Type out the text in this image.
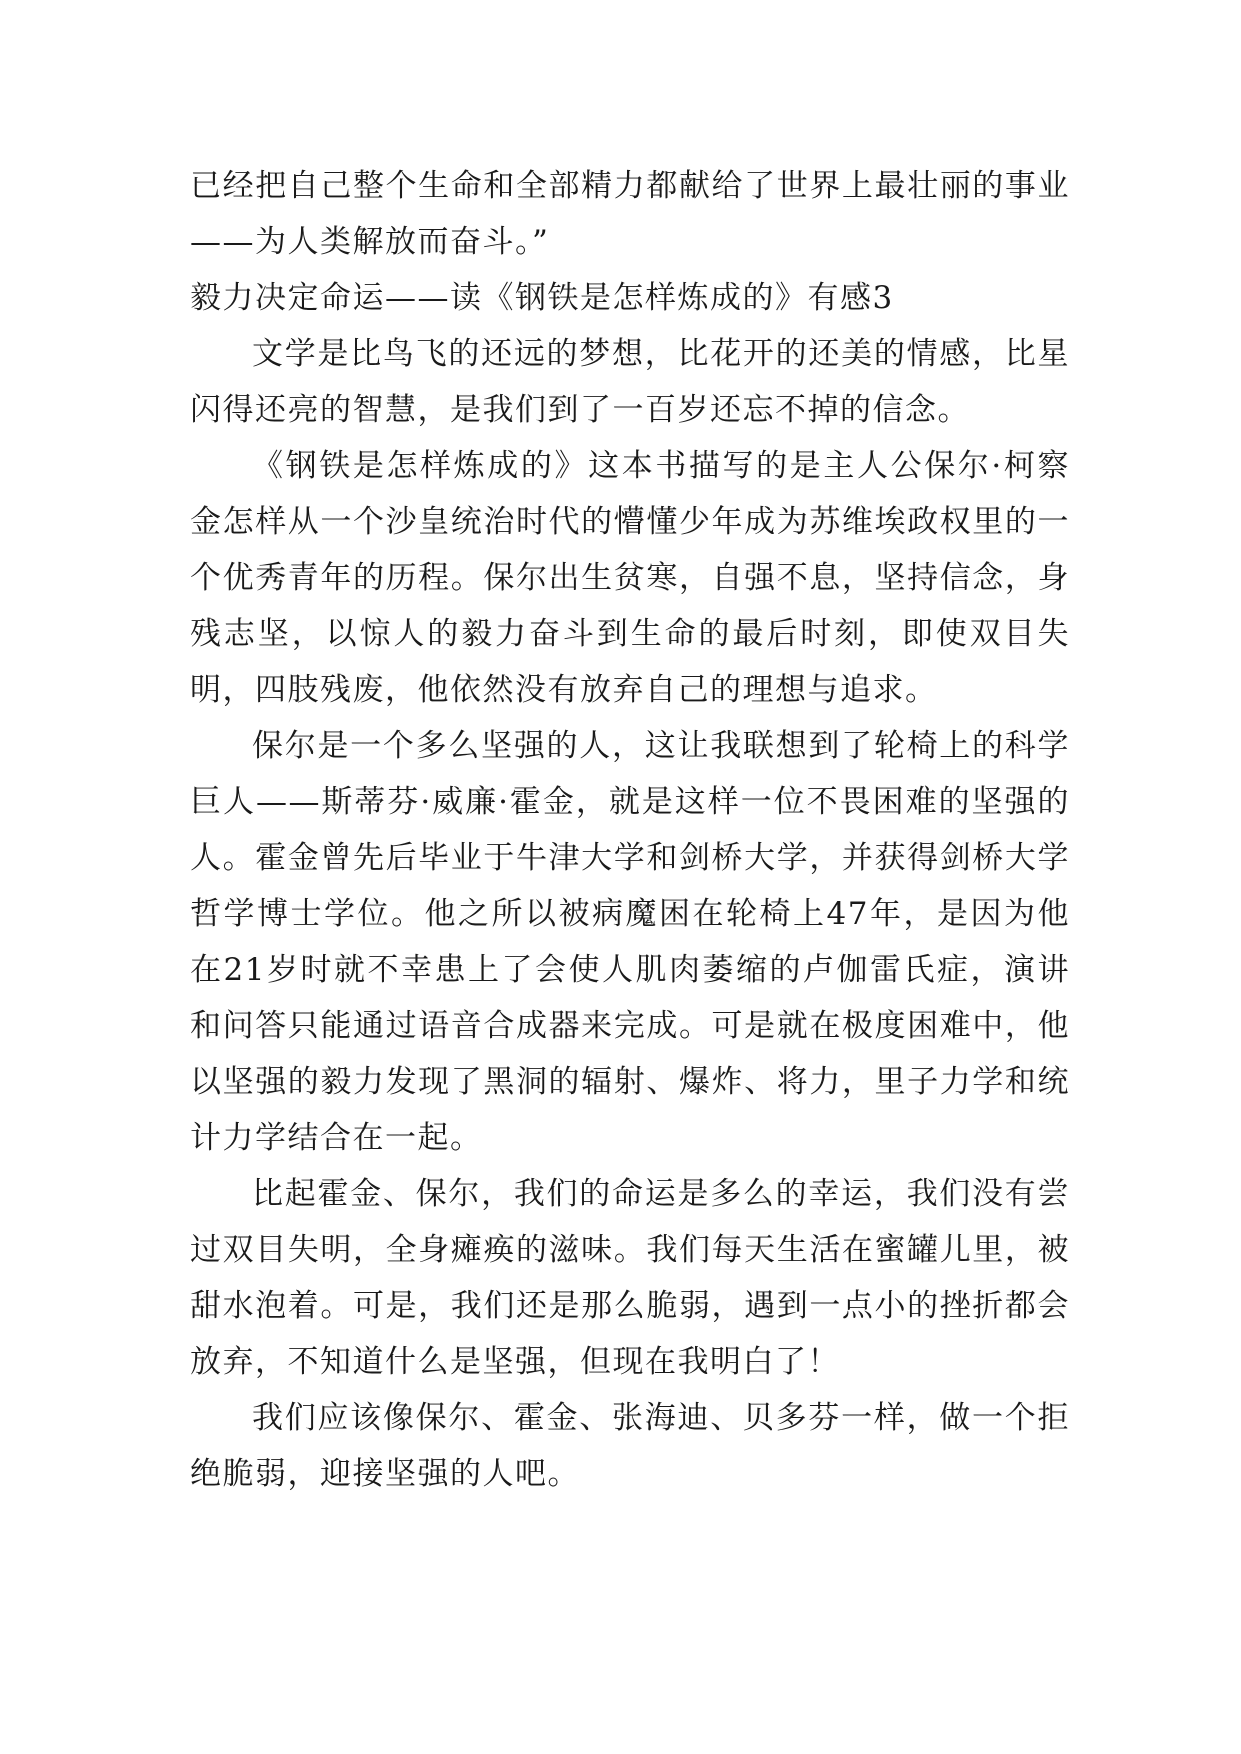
已经把自己整个生命和全部精力都献给了世界上最壮丽的事业——为人类解放而奋斗。”

毅力决定命运——读《钢铁是怎样炼成的》有感3

文学是比鸟飞的还远的梦想，比花开的还美的情感，比星闪得还亮的智慧，是我们到了一百岁还忘不掉的信念。

《钢铁是怎样炼成的》这本书描写的是主人公保尔·柯察金怎样从一个沙皇统治时代的懵懂少年成为苏维埃政权里的一个优秀青年的历程。保尔出生贫寒，自强不息，坚持信念，身残志坚，以惊人的毅力奋斗到生命的最后时刻，即使双目失明，四肢残废，他依然没有放弃自己的理想与追求。

保尔是一个多么坚强的人，这让我联想到了轮椅上的科学巨人——斯蒂芬·威廉·霍金，就是这样一位不畏困难的坚强的人。霍金曾先后毕业于牛津大学和剑桥大学，并获得剑桥大学哲学博士学位。他之所以被病魔困在轮椅上47年，是因为他在21岁时就不幸患上了会使人肌肉萎缩的卢伽雷氏症，演讲和问答只能通过语音合成器来完成。可是就在极度困难中，他以坚强的毅力发现了黑洞的辐射、爆炸、将力，里子力学和统计力学结合在一起。

比起霍金、保尔，我们的命运是多么的幸运，我们没有尝过双目失明，全身瘫痪的滋味。我们每天生活在蜜罐儿里，被甜水泡着。可是，我们还是那么脆弱，遇到一点小的挫折都会放弃，不知道什么是坚强，但现在我明白了！

我们应该像保尔、霍金、张海迪、贝多芬一样，做一个拒绝脆弱，迎接坚强的人吧。
